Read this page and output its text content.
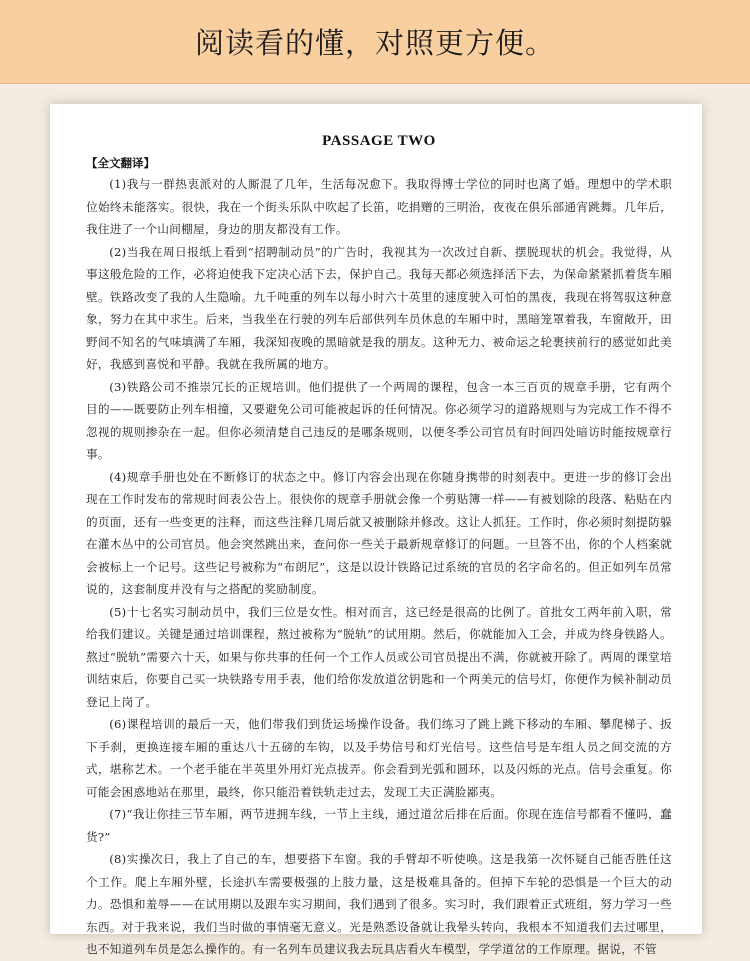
阅读看的懂，对照更方便。
PASSAGE TWO
【全文翻译】

(1)我与一群热衷派对的人厮混了几年，生活每况愈下。我取得博士学位的同时也离了婚。理想中的学术职位始终未能落实。很快，我在一个街头乐队中吹起了长笛，吃捐赠的三明治，夜夜在俱乐部通宵跳舞。几年后，我住进了一个山间棚屋，身边的朋友都没有工作。

(2)当我在周日报纸上看到“招聘制动员”的广告时，我视其为一次改过自新、摆脱现状的机会。我觉得，从事这般危险的工作，必将迫使我下定决心活下去，保护自己。我每天都必须选择活下去，为保命紧紧抓着货车厢壁。铁路改变了我的人生隐喻。九千吨重的列车以每小时六十英里的速度驶入可怕的黑夜，我现在将驾驭这种意象，努力在其中求生。后来，当我坐在行驶的列车后部供列车员休息的车厢中时，黑暗笼罩着我，车窗敞开，田野间不知名的气味填满了车厢，我深知夜晚的黑暗就是我的朋友。这种无力、被命运之轮裹挟前行的感觉如此美好，我感到喜悦和平静。我就在我所属的地方。

(3)铁路公司不推崇冗长的正规培训。他们提供了一个两周的课程，包含一本三百页的规章手册，它有两个目的——既要防止列车相撞，又要避免公司可能被起诉的任何情况。你必须学习的道路规则与为完成工作不得不忽视的规则掺杂在一起。但你必须清楚自己违反的是哪条规则，以便冬季公司官员有时间四处暗访时能按规章行事。

(4)规章手册也处在不断修订的状态之中。修订内容会出现在你随身携带的时刻表中。更进一步的修订会出现在工作时发布的常规时间表公告上。很快你的规章手册就会像一个剪贴簿一样——有被划除的段落、粘贴在内的页面，还有一些变更的注释，而这些注释几周后就又被删除并修改。这让人抓狂。工作时，你必须时刻提防躲在灌木丛中的公司官员。他会突然跳出来，查问你一些关于最新规章修订的问题。一旦答不出，你的个人档案就会被标上一个记号。这些记号被称为“布朗尼”，这是以设计铁路记过系统的官员的名字命名的。但正如列车员常说的，这套制度并没有与之搭配的奖励制度。

(5)十七名实习制动员中，我们三位是女性。相对而言，这已经是很高的比例了。首批女工两年前入职，常给我们建议。关键是通过培训课程，熬过被称为“脱轨”的试用期。然后，你就能加入工会，并成为终身铁路人。熬过“脱轨”需要六十天，如果与你共事的任何一个工作人员或公司官员提出不满，你就被开除了。两周的课堂培训结束后，你要自己买一块铁路专用手表，他们给你发放道岔钥匙和一个两美元的信号灯，你便作为候补制动员登记上岗了。

(6)课程培训的最后一天，他们带我们到货运场操作设备。我们练习了跳上跳下移动的车厢、攀爬梯子、扳下手刹，更换连接车厢的重达八十五磅的车钩，以及手势信号和灯光信号。这些信号是车组人员之间交流的方式，堪称艺术。一个老手能在半英里外用灯光点拔弄。你会看到光弧和圆环，以及闪烁的光点。信号会重复。你可能会困惑地站在那里，最终，你只能沿着铁轨走过去，发现工夫正满脸鄙夷。

(7)“我让你挂三节车厢，两节进拥车线，一节上主线，通过道岔后排在后面。你现在连信号都看不懂吗，蠢货?”

(8)实操次日，我上了自己的车，想要搭下车窗。我的手臂却不听使唤。这是我第一次怀疑自己能否胜任这个工作。爬上车厢外壁，长途扒车需要极强的上肢力量，这是极难具备的。但掉下车轮的恐惧是一个巨大的动力。恐惧和羞辱——在试用期以及跟车实习期间，我们遇到了很多。实习时，我们跟着正式班组，努力学习一些东西。对于我来说，我们当时做的事情毫无意义。光是熟悉设备就让我晕头转向，我根本不知道我们去过哪里，也不知道列车员是怎么操作的。有一名列车员建议我去玩具店看火车模型，学学道岔的工作原理。据说，不管
